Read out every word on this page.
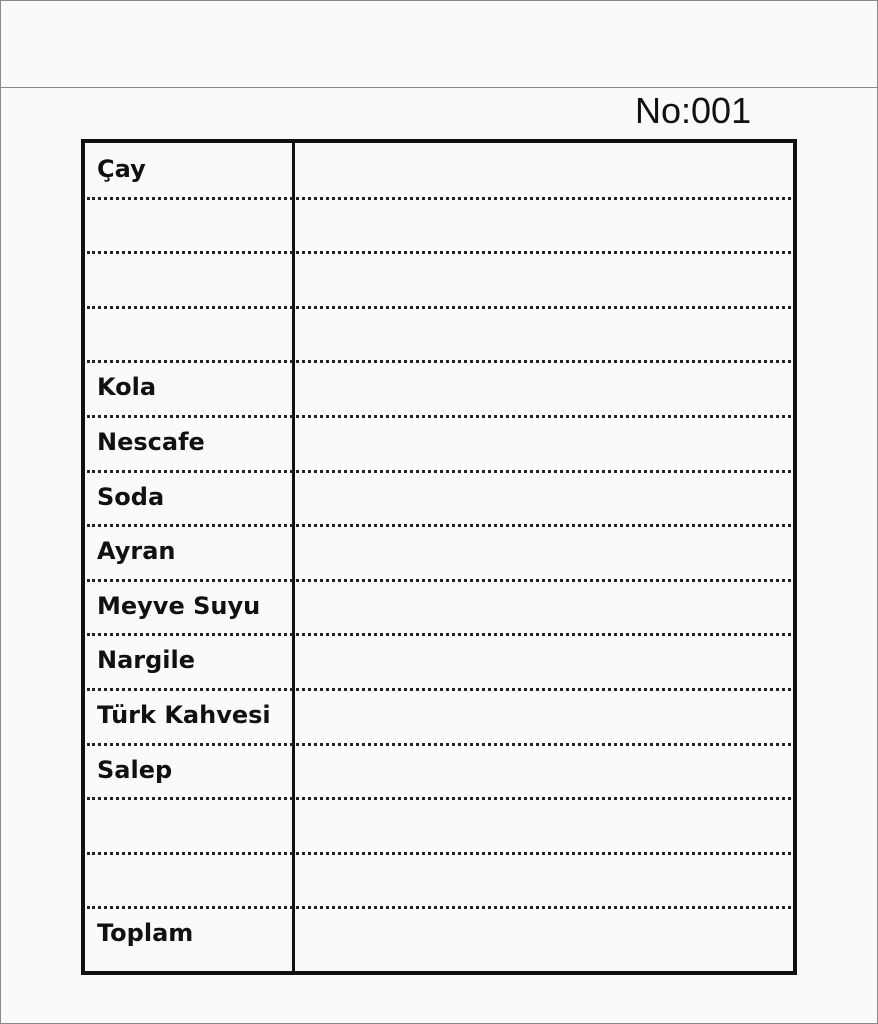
No:001
Çay
Kola
Nescafe
Soda
Ayran
Meyve Suyu
Nargile
Türk Kahvesi
Salep
Toplam
